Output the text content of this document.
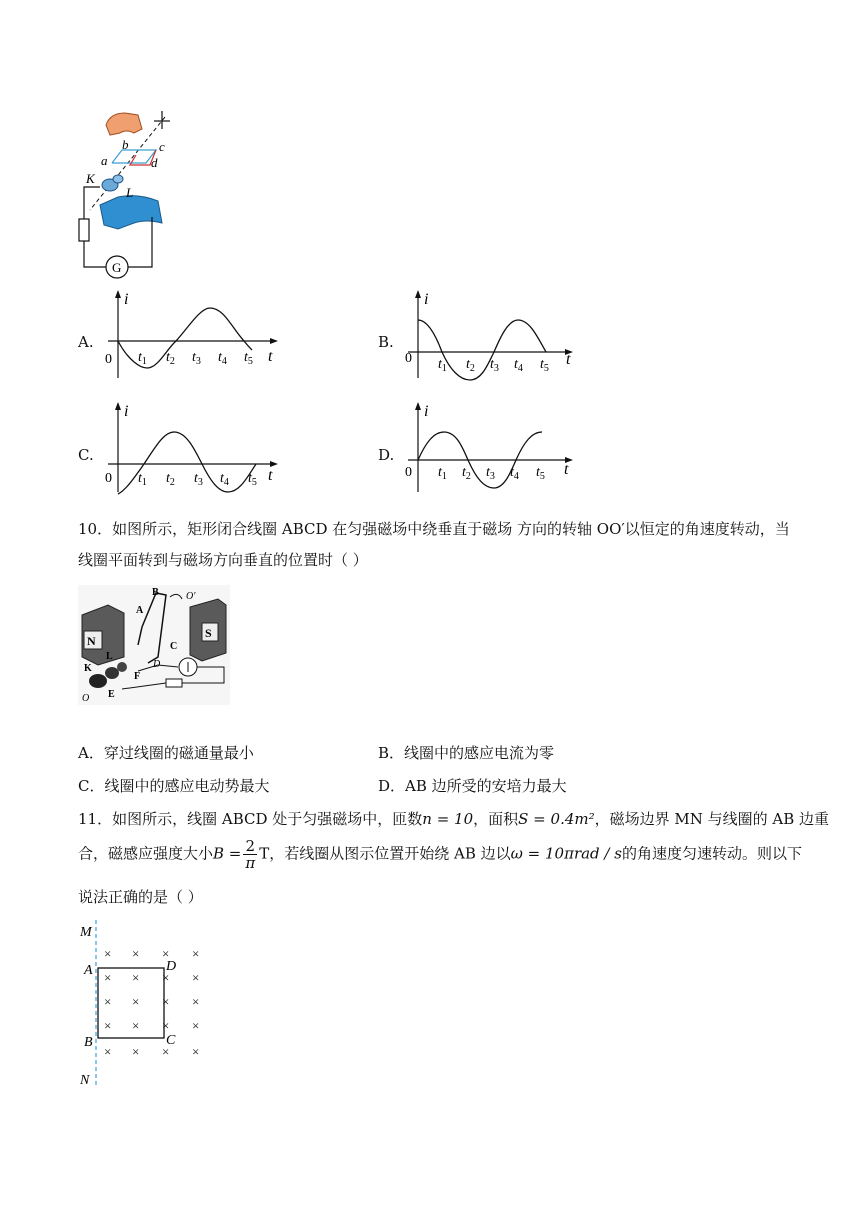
G
b c
a	d
K
L
A.
i
t
0 $t_1$ $t_2$ $t_3$ $t_4$ $t_5$
B.
i
t
0 $t_1$ $t_2$ $t_3$ $t_4$ $t_5$
C.
i
t
0 $t_1$ $t_2$ $t_3$ $t_4$ $t_5$
D.
i
t
0 $t_1$ $t_2$ $t_3$ $t_4$ $t_5$
10．如图所示，矩形闭合线圈 ABCD 在匀强磁场中绕垂直于磁场 方向的转轴 OO′以恒定的角速度转动，当
线圈平面转到与磁场方向垂直的位置时（ ）
N
S
A
B
C
D
O′
K
L
F
E
O
A．穿过线圈的磁通量最小	B．线圈中的感应电流为零
C．线圈中的感应电动势最大	D．AB 边所受的安培力最大
11．如图所示，线圈 ABCD 处于匀强磁场中，匝数n = 10，面积S = 0.4m²，磁场边界 MN 与线圈的 AB 边重
合，磁感应强度大小$B = \frac{2}{\pi}$ T，若线圈从图示位置开始绕 AB 边以ω = 10πrad / s的角速度匀速转动。则以下
说法正确的是（ ）
M
N
A
B
D
C
× × × ×
× × × ×
× × × ×
× × × ×
× × × ×
